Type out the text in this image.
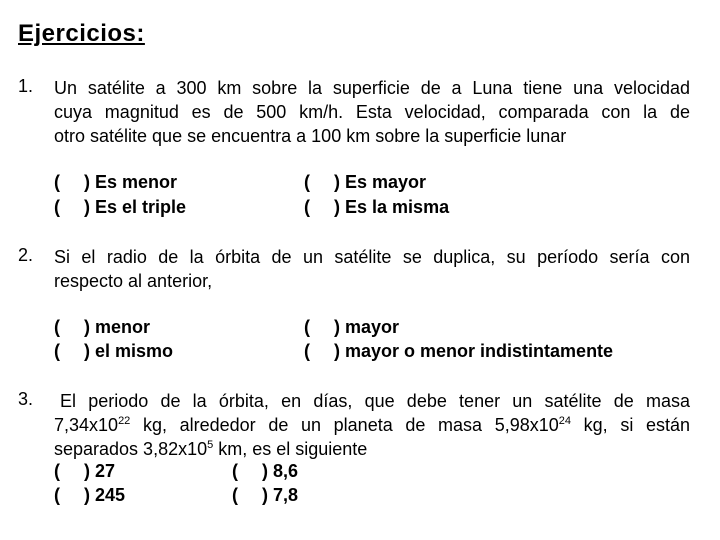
Ejercicios:
1. Un satélite a 300 km sobre la superficie de a Luna tiene una velocidad
cuya magnitud es de 500 km/h. Esta velocidad, comparada con la de
otro satélite que se encuentra a 100 km sobre la superficie lunar
( ) Es menor	( ) Es mayor
( ) Es el triple	( ) Es la misma
2. Si el radio de la órbita de un satélite se duplica, su período sería con
respecto al anterior,
( ) menor	( ) mayor
( ) el mismo	( ) mayor o menor indistintamente
3.	El periodo de la órbita, en días, que debe tener un satélite de masa
$7,34x10^{22}$ kg, alrededor de un planeta de masa $5,98x10^{24}$ kg, si están
separados $3,82x10^5$ km, es el siguiente
( ) 27	( ) 8,6
( ) 245	( ) 7,8
